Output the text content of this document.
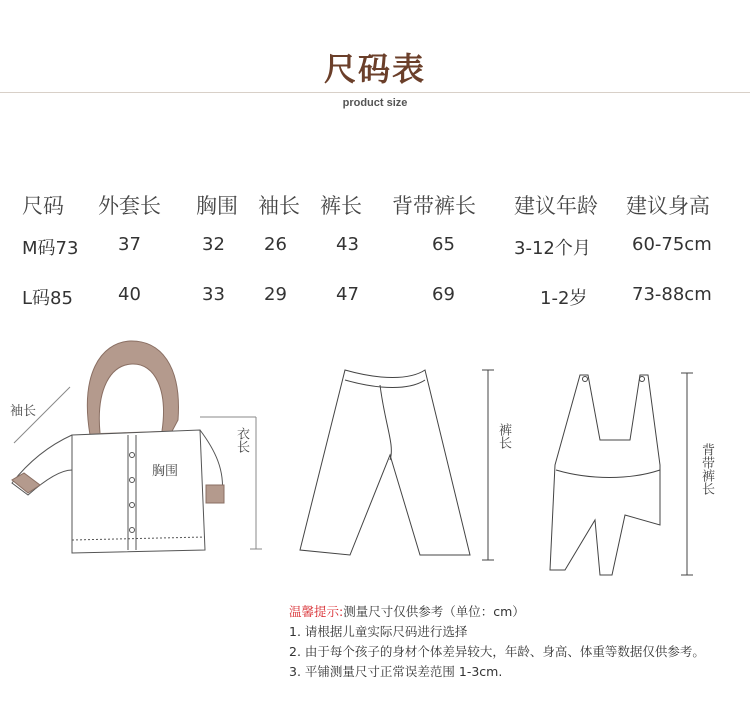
尺码表
product size
尺码 外套长 胸围 袖长 裤长 背带裤长 建议年龄 建议身高
M码73 37	32 26	43	65	3-12个月 60-75cm
L码85	40	33 29	47	69	1-2岁 73-88cm
袖长
胸围
衣长	裤长
背带裤长
温馨提示:测量尺寸仅供参考（单位：cm）
1. 请根据儿童实际尺码进行选择
2. 由于每个孩子的身材个体差异较大，年龄、身高、体重等数据仅供参考。
3. 平铺测量尺寸正常误差范围 1-3cm.
